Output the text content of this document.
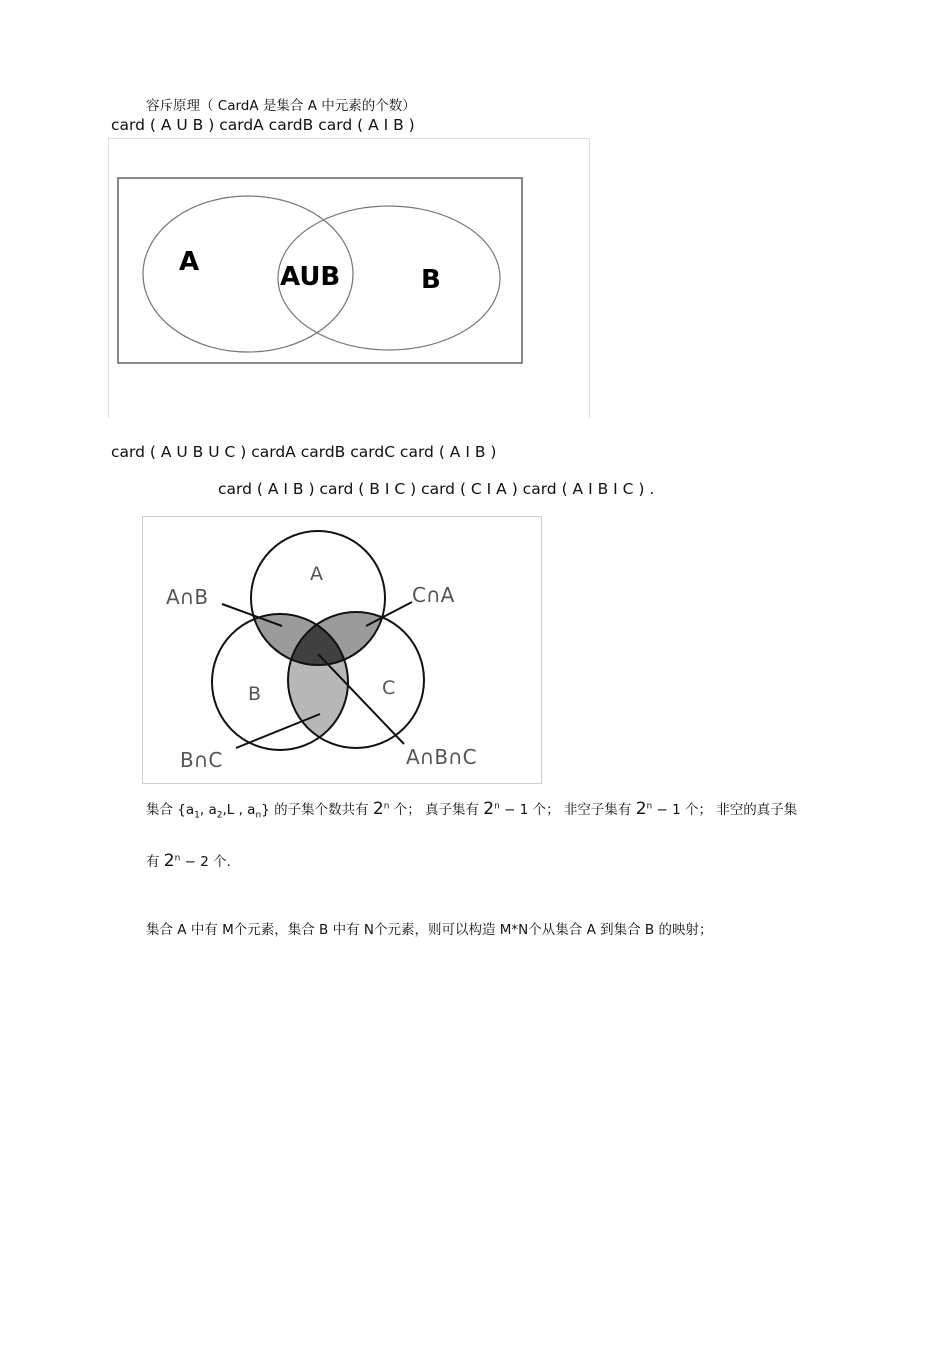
容斥原理（ CardA 是集合 A 中元素的个数）
card ( A U B ) cardA cardB card ( A I B )
A	AUB	B
card ( A U B U C ) cardA cardB cardC card ( A I B )
card ( A I B ) card ( B I C ) card ( C I A ) card ( A I B I C ) .
A
B	C
A∩B	C∩A
B∩C	A∩B∩C
集合 {$a_1$, $a_2,L$ , $a_n$} 的子集个数共有 2$^n$ 个； 真子集有 $2^n - 1$ 个； 非空子集有 $2^n - 1$ 个； 非空的真子集
有 $2^n - 2$ 个.
集合 A 中有 M个元素，集合 B 中有 N个元素，则可以构造 M*N个从集合 A 到集合 B 的映射；
